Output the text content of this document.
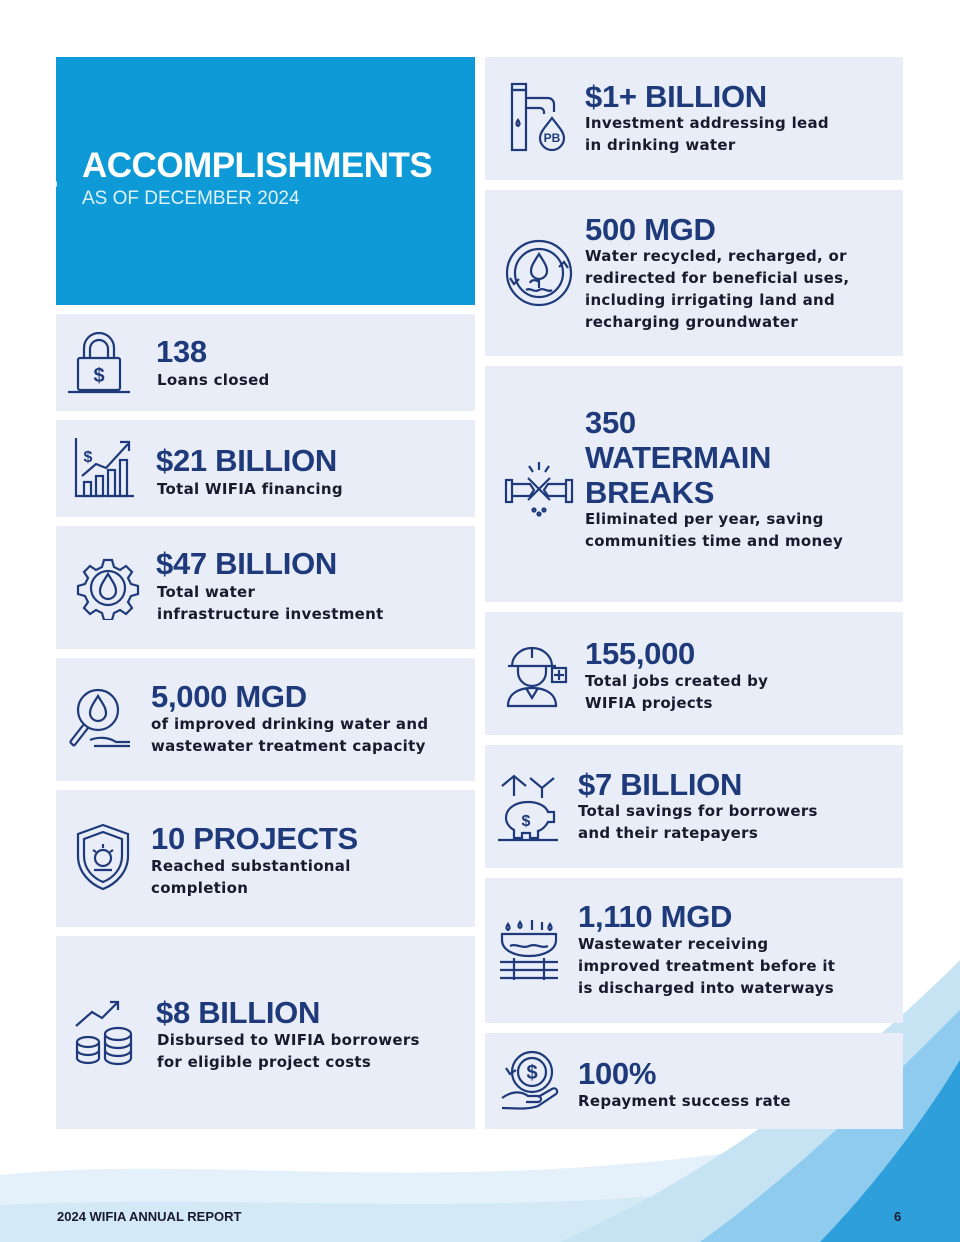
ACCOMPLISHMENTS
AS OF DECEMBER 2024
$
138
Loans closed
$ $21 BILLION
Total WIFIA financing
$47 BILLION
Total water
infrastructure investment
5,000 MGD
of improved drinking water and
wastewater treatment capacity
10 PROJECTS
Reached substantional
completion
$8 BILLION
Disbursed to WIFIA borrowers
for eligible project costs
PB
$1+ BILLION
Investment addressing lead
in drinking water
500 MGD
Water recycled, recharged, or
redirected for beneficial uses,
including irrigating land and
recharging groundwater
350
WATERMAIN
BREAKS
Eliminated per year, saving
communities time and money
155,000
Total jobs created by
WIFIA projects
$
$7 BILLION
Total savings for borrowers
and their ratepayers
1,110 MGD
Wastewater receiving
improved treatment before it
is discharged into waterways
$ 100%
Repayment success rate
2024 WIFIA ANNUAL REPORT	6
